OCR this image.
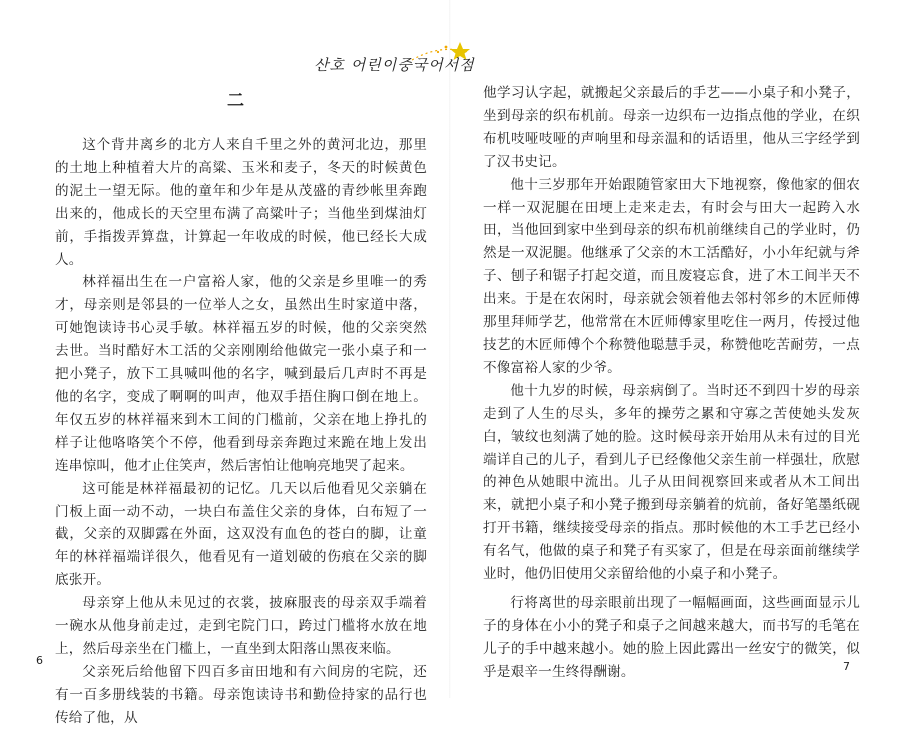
산호 어린이중국어서점
二

这个背井离乡的北方人来自千里之外的黄河北边，那里的土地上种植着大片的高粱、玉米和麦子，冬天的时候黄色的泥土一望无际。他的童年和少年是从茂盛的青纱帐里奔跑出来的，他成长的天空里布满了高粱叶子；当他坐到煤油灯前，手指拨弄算盘，计算起一年收成的时候，他已经长大成人。

林祥福出生在一户富裕人家，他的父亲是乡里唯一的秀才，母亲则是邻县的一位举人之女，虽然出生时家道中落，可她饱读诗书心灵手敏。林祥福五岁的时候，他的父亲突然去世。当时酷好木工活的父亲刚刚给他做完一张小桌子和一把小凳子，放下工具喊叫他的名字，喊到最后几声时不再是他的名字，变成了啊啊的叫声，他双手捂住胸口倒在地上。年仅五岁的林祥福来到木工间的门槛前，父亲在地上挣扎的样子让他咯咯笑个不停，他看到母亲奔跑过来跪在地上发出连串惊叫，他才止住笑声，然后害怕让他响亮地哭了起来。

这可能是林祥福最初的记忆。几天以后他看见父亲躺在门板上面一动不动，一块白布盖住父亲的身体，白布短了一截，父亲的双脚露在外面，这双没有血色的苍白的脚，让童年的林祥福端详很久，他看见有一道划破的伤痕在父亲的脚底张开。

母亲穿上他从未见过的衣裳，披麻服丧的母亲双手端着一碗水从他身前走过，走到宅院门口，跨过门槛将水放在地上，然后母亲坐在门槛上，一直坐到太阳落山黑夜来临。

父亲死后给他留下四百多亩田地和有六间房的宅院，还有一百多册线装的书籍。母亲饱读诗书和勤俭持家的品行也传给了他，从

他学习认字起，就搬起父亲最后的手艺——小桌子和小凳子，坐到母亲的织布机前。母亲一边织布一边指点他的学业，在织布机吱哑吱哑的声响里和母亲温和的话语里，他从三字经学到了汉书史记。

他十三岁那年开始跟随管家田大下地视察，像他家的佃农一样一双泥腿在田埂上走来走去，有时会与田大一起跨入水田，当他回到家中坐到母亲的织布机前继续自己的学业时，仍然是一双泥腿。他继承了父亲的木工活酷好，小小年纪就与斧子、刨子和锯子打起交道，而且废寝忘食，进了木工间半天不出来。于是在农闲时，母亲就会领着他去邻村邻乡的木匠师傅那里拜师学艺，他常常在木匠师傅家里吃住一两月，传授过他技艺的木匠师傅个个称赞他聪慧手灵，称赞他吃苦耐劳，一点不像富裕人家的少爷。

他十九岁的时候，母亲病倒了。当时还不到四十岁的母亲走到了人生的尽头，多年的操劳之累和守寡之苦使她头发灰白，皱纹也刻满了她的脸。这时候母亲开始用从未有过的目光端详自己的儿子，看到儿子已经像他父亲生前一样强壮，欣慰的神色从她眼中流出。儿子从田间视察回来或者从木工间出来，就把小桌子和小凳子搬到母亲躺着的炕前，备好笔墨纸砚打开书籍，继续接受母亲的指点。那时候他的木工手艺已经小有名气，他做的桌子和凳子有买家了，但是在母亲面前继续学业时，他仍旧使用父亲留给他的小桌子和小凳子。

行将离世的母亲眼前出现了一幅幅画面，这些画面显示儿子的身体在小小的凳子和桌子之间越来越大，而书写的毛笔在儿子的手中越来越小。她的脸上因此露出一丝安宁的微笑，似乎是艰辛一生终得酬谢。

6	7
